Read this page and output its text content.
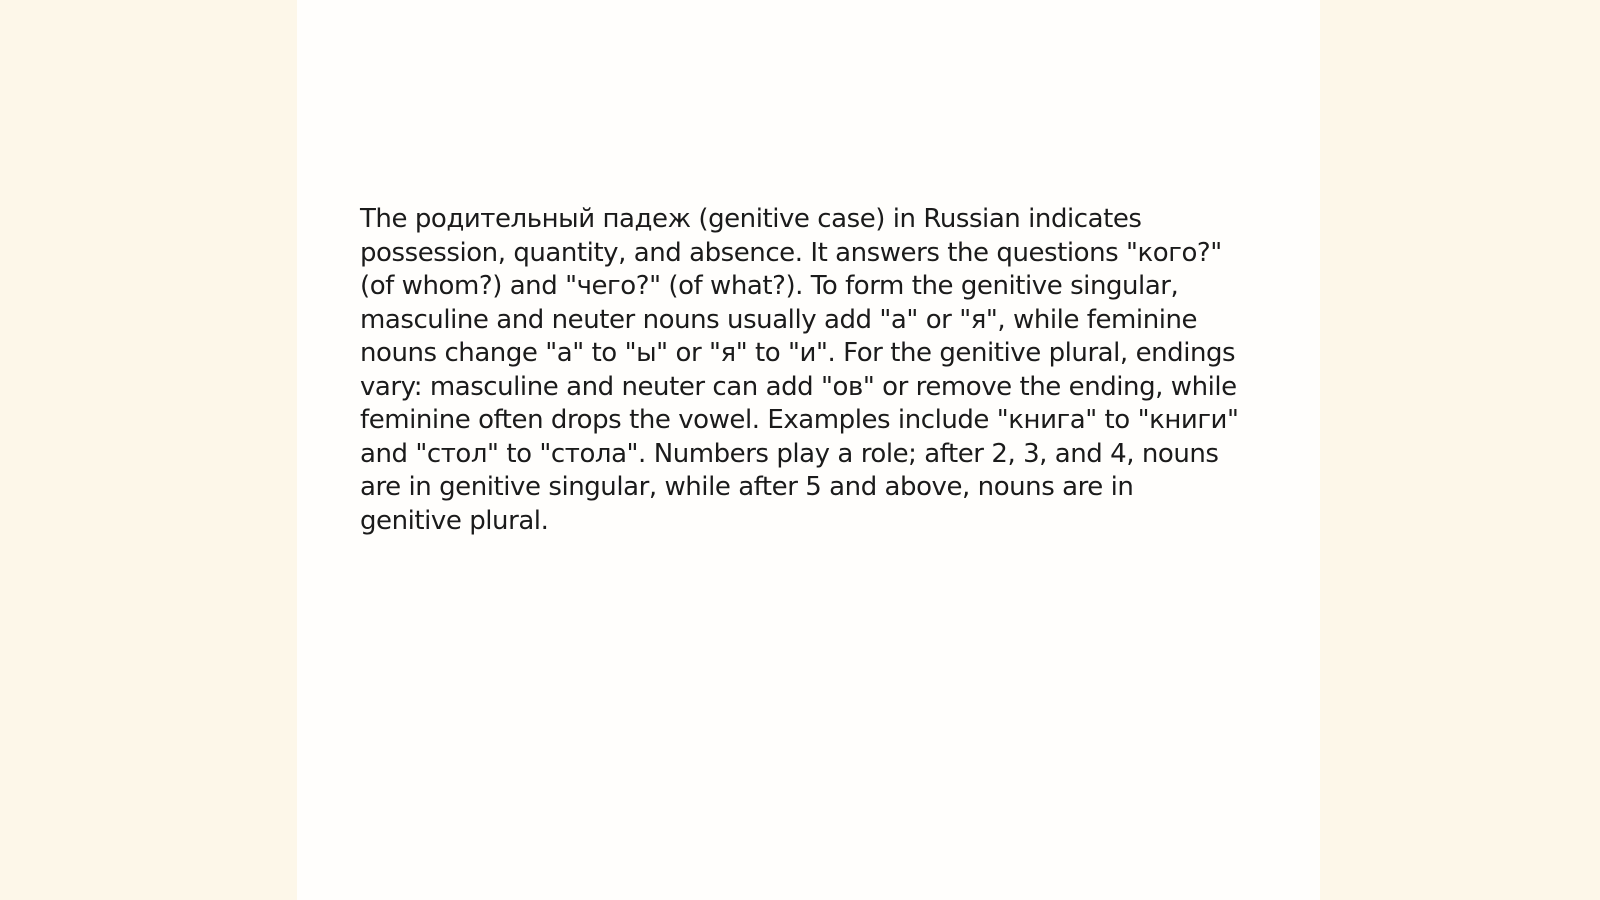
The родительный падеж (genitive case) in Russian indicates possession, quantity, and absence. It answers the questions "кого?" (of whom?) and "чего?" (of what?). To form the genitive singular, masculine and neuter nouns usually add "а" or "я", while feminine nouns change "а" to "ы" or "я" to "и". For the genitive plural, endings vary: masculine and neuter can add "ов" or remove the ending, while feminine often drops the vowel. Examples include "книга" to "книги" and "стол" to "стола". Numbers play a role; after 2, 3, and 4, nouns are in genitive singular, while after 5 and above, nouns are in genitive plural.
